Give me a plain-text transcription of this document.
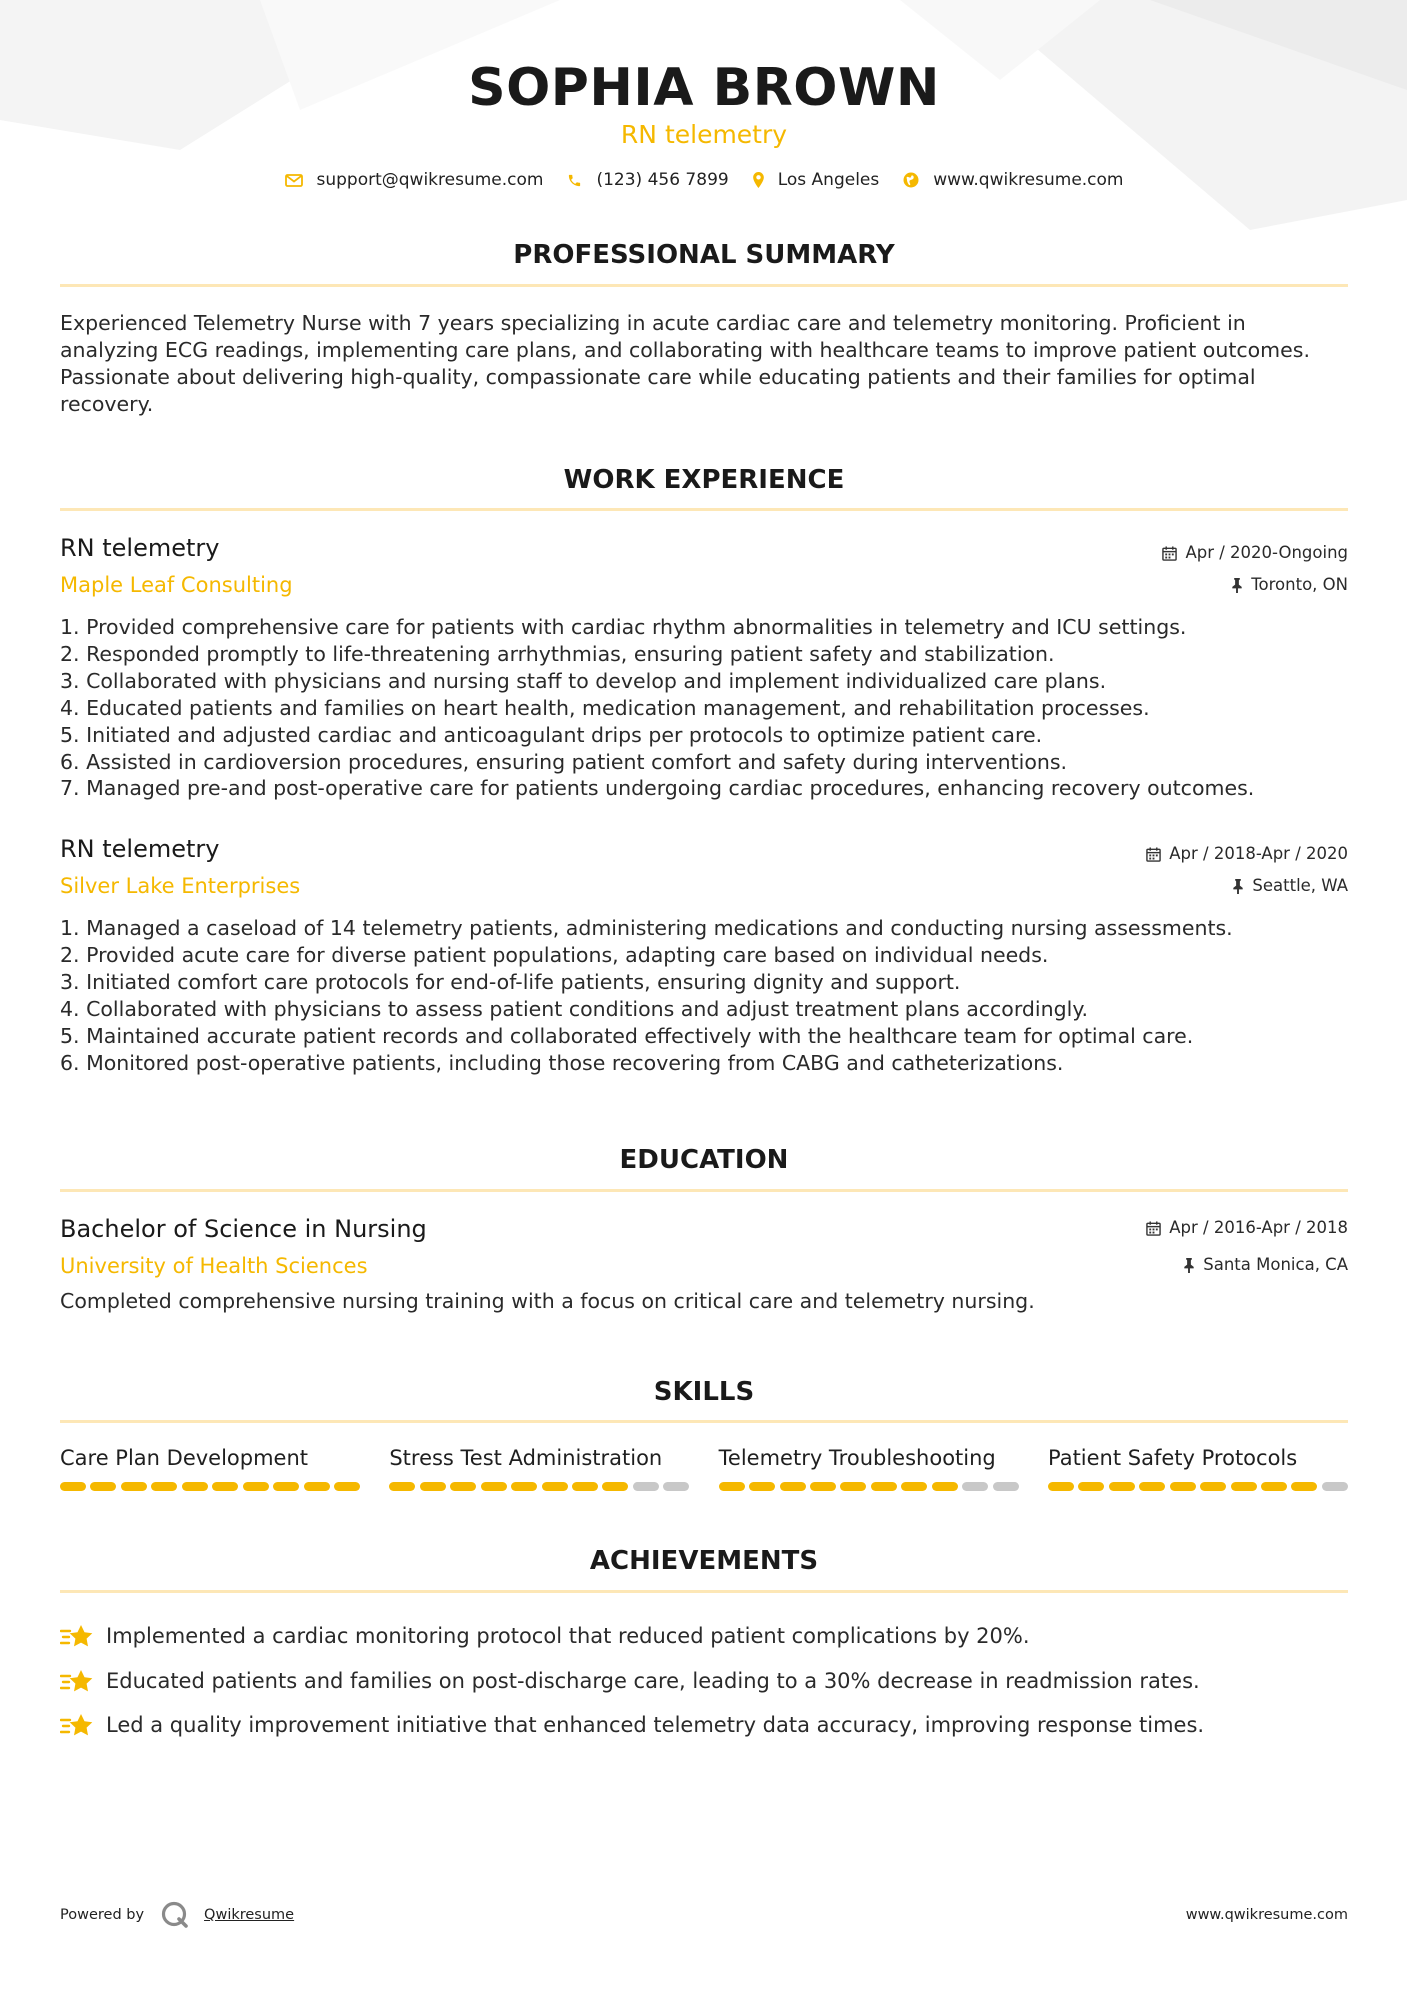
SOPHIA BROWN
RN telemetry
support@qwikresume.com	(123) 456 7899	Los Angeles	www.qwikresume.com
PROFESSIONAL SUMMARY
Experienced Telemetry Nurse with 7 years specializing in acute cardiac care and telemetry monitoring. Proficient in analyzing ECG readings, implementing care plans, and collaborating with healthcare teams to improve patient outcomes. Passionate about delivering high-quality, compassionate care while educating patients and their families for optimal recovery.
WORK EXPERIENCE
RN telemetry
Maple Leaf Consulting
Apr / 2020-Ongoing
Toronto, ON
1. Provided comprehensive care for patients with cardiac rhythm abnormalities in telemetry and ICU settings.
2. Responded promptly to life-threatening arrhythmias, ensuring patient safety and stabilization.
3. Collaborated with physicians and nursing staff to develop and implement individualized care plans.
4. Educated patients and families on heart health, medication management, and rehabilitation processes.
5. Initiated and adjusted cardiac and anticoagulant drips per protocols to optimize patient care.
6. Assisted in cardioversion procedures, ensuring patient comfort and safety during interventions.
7. Managed pre-and post-operative care for patients undergoing cardiac procedures, enhancing recovery outcomes.
RN telemetry
Silver Lake Enterprises
Apr / 2018-Apr / 2020
Seattle, WA
1. Managed a caseload of 14 telemetry patients, administering medications and conducting nursing assessments.
2. Provided acute care for diverse patient populations, adapting care based on individual needs.
3. Initiated comfort care protocols for end-of-life patients, ensuring dignity and support.
4. Collaborated with physicians to assess patient conditions and adjust treatment plans accordingly.
5. Maintained accurate patient records and collaborated effectively with the healthcare team for optimal care.
6. Monitored post-operative patients, including those recovering from CABG and catheterizations.
EDUCATION
Bachelor of Science in Nursing
University of Health Sciences
Apr / 2016-Apr / 2018
Santa Monica, CA
Completed comprehensive nursing training with a focus on critical care and telemetry nursing.
SKILLS
Care Plan Development	Stress Test Administration	Telemetry Troubleshooting	Patient Safety Protocols
ACHIEVEMENTS
Implemented a cardiac monitoring protocol that reduced patient complications by 20%.
Educated patients and families on post-discharge care, leading to a 30% decrease in readmission rates.
Led a quality improvement initiative that enhanced telemetry data accuracy, improving response times.
Powered by	Qwikresume	www.qwikresume.com
